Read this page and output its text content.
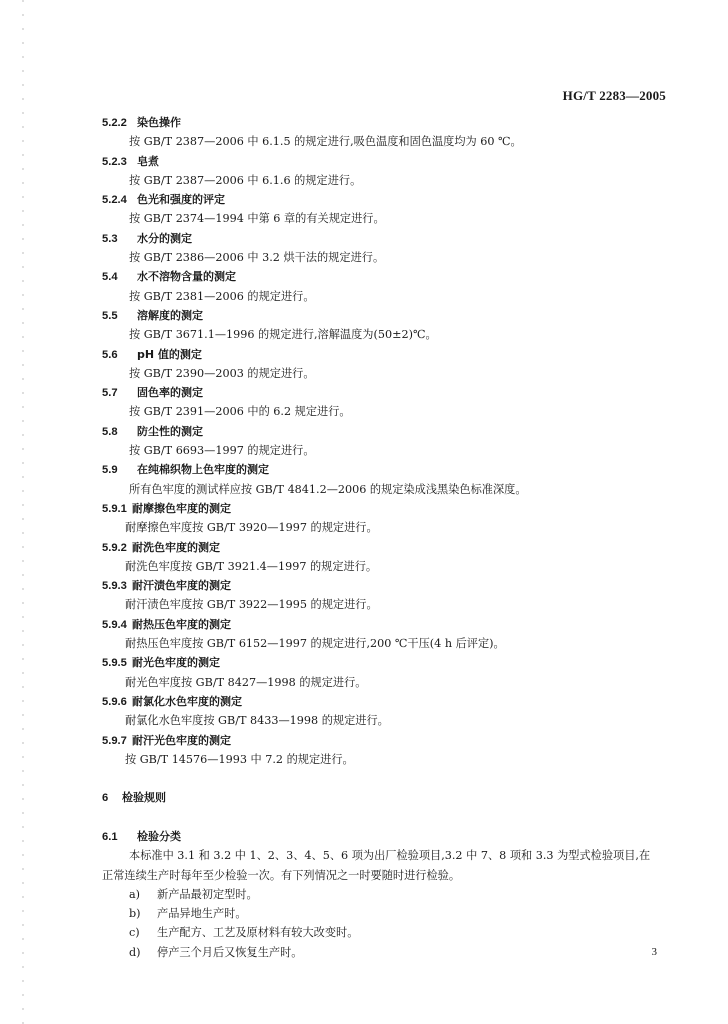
HG/T 2283—2005
5.2.2 染色操作
按 GB/T 2387—2006 中 6.1.5 的规定进行,吸色温度和固色温度均为 60 ℃。
5.2.3 皂煮
按 GB/T 2387—2006 中 6.1.6 的规定进行。
5.2.4 色光和强度的评定
按 GB/T 2374—1994 中第 6 章的有关规定进行。
5.3 水分的测定
按 GB/T 2386—2006 中 3.2 烘干法的规定进行。
5.4 水不溶物含量的测定
按 GB/T 2381—2006 的规定进行。
5.5 溶解度的测定
按 GB/T 3671.1—1996 的规定进行,溶解温度为(50±2)℃。
5.6 pH 值的测定
按 GB/T 2390—2003 的规定进行。
5.7 固色率的测定
按 GB/T 2391—2006 中的 6.2 规定进行。
5.8 防尘性的测定
按 GB/T 6693—1997 的规定进行。
5.9 在纯棉织物上色牢度的测定
所有色牢度的测试样应按 GB/T 4841.2—2006 的规定染成浅黑染色标准深度。
5.9.1 耐摩擦色牢度的测定
耐摩擦色牢度按 GB/T 3920—1997 的规定进行。
5.9.2 耐洗色牢度的测定
耐洗色牢度按 GB/T 3921.4—1997 的规定进行。
5.9.3 耐汗渍色牢度的测定
耐汗渍色牢度按 GB/T 3922—1995 的规定进行。
5.9.4 耐热压色牢度的测定
耐热压色牢度按 GB/T 6152—1997 的规定进行,200 ℃干压(4 h 后评定)。
5.9.5 耐光色牢度的测定
耐光色牢度按 GB/T 8427—1998 的规定进行。
5.9.6 耐氯化水色牢度的测定
耐氯化水色牢度按 GB/T 8433—1998 的规定进行。
5.9.7 耐汗光色牢度的测定
按 GB/T 14576—1993 中 7.2 的规定进行。
6 检验规则
6.1 检验分类
本标准中 3.1 和 3.2 中 1、2、3、4、5、6 项为出厂检验项目,3.2 中 7、8 项和 3.3 为型式检验项目,在
正常连续生产时每年至少检验一次。有下列情况之一时要随时进行检验。
a) 新产品最初定型时。
b) 产品异地生产时。
c) 生产配方、工艺及原材料有较大改变时。
d) 停产三个月后又恢复生产时。	3
